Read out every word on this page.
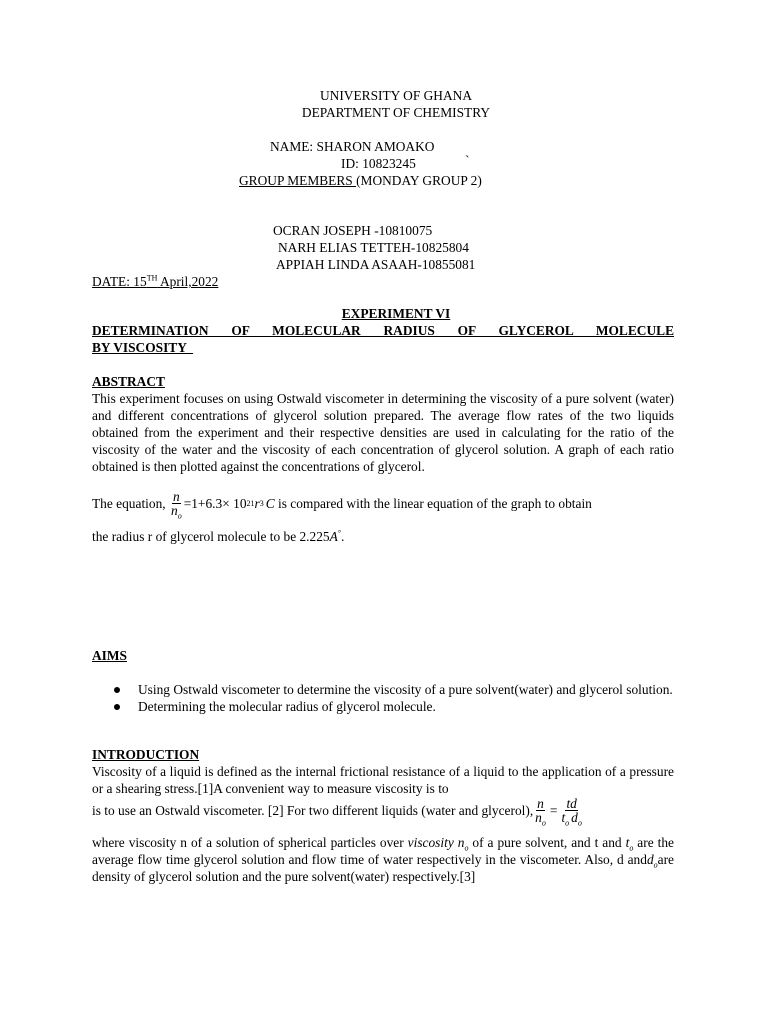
UNIVERSITY OF GHANA
DEPARTMENT OF CHEMISTRY
NAME: SHARON AMOAKO
ID: 10823245	`
GROUP MEMBERS (MONDAY GROUP 2)
OCRAN JOSEPH -10810075
NARH ELIAS TETTEH-10825804
APPIAH LINDA ASAAH-10855081
DATE: 15TH April,2022
EXPERIMENT VI
DETERMINATION OF MOLECULAR RADIUS OF GLYCEROL MOLECULE
BY VISCOSITY
ABSTRACT
This experiment focuses on using Ostwald viscometer in determining the viscosity of a pure solvent (water) and different concentrations of glycerol solution prepared. The average flow rates of the two liquids obtained from the experiment and their respective densities are used in calculating for the ratio of the viscosity of the water and the viscosity of each concentration of glycerol solution. A graph of each ratio obtained is then plotted against the concentrations of glycerol.
The equation, $\frac{n}{n_o} =1+6.3\times 10$ 21 r 3 C is compared with the linear equation of the graph to obtain
the radius r of glycerol molecule to be 2.225A°.
AIMS
Using Ostwald viscometer to determine the viscosity of a pure solvent(water) and glycerol solution.
Determining the molecular radius of glycerol molecule.
INTRODUCTION
Viscosity of a liquid is defined as the internal frictional resistance of a liquid to the application of a pressure or a shearing stress.[1]A convenient way to measure viscosity is to
is to use an Ostwald viscometer. [2] For two different liquids (water and glycerol), $\frac{n}{n_o} = \frac{td}{t_o d_o}$
where viscosity n of a solution of spherical particles over viscosity $n_o$ of a pure solvent, and t and $t_o$ are the average flow time glycerol solution and flow time of water respectively in the viscometer. Also, d andd$_o$are density of glycerol solution and the pure solvent(water) respectively.[3]
